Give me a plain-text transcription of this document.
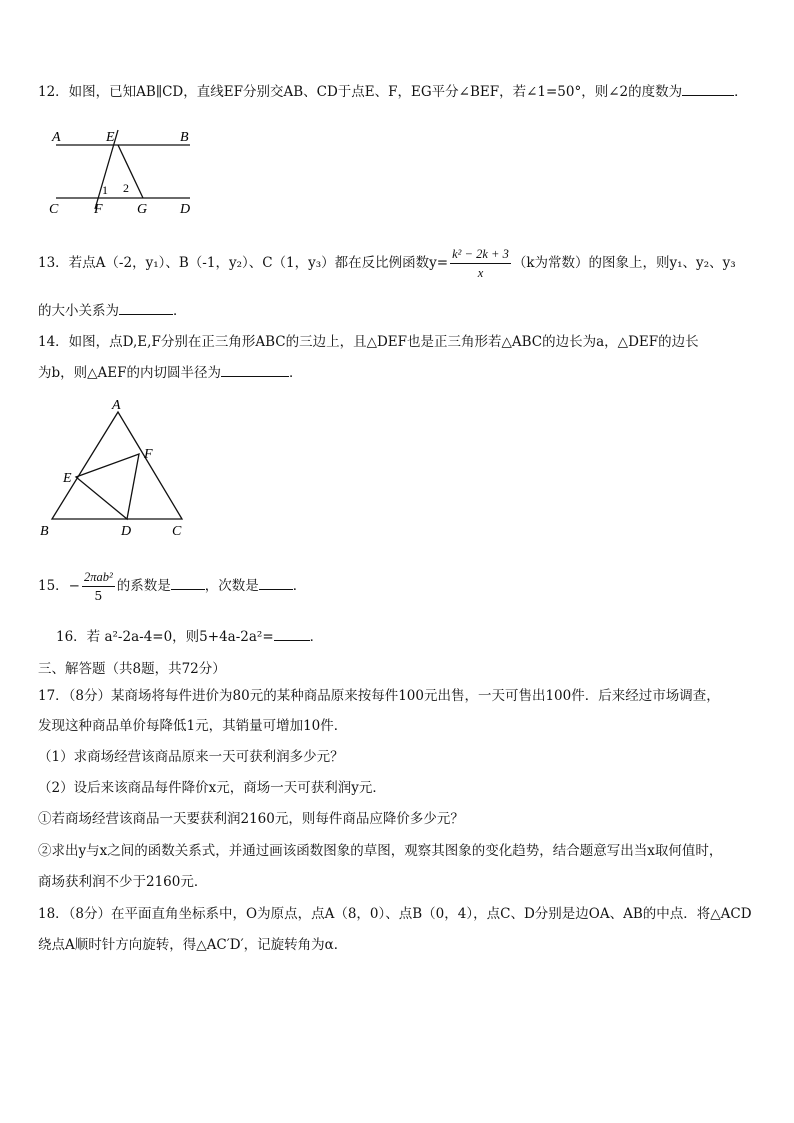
12．如图，已知AB∥CD，直线EF分别交AB、CD于点E、F，EG平分∠BEF，若∠1=50°，则∠2的度数为	．
A	E	B
C	F G D
1 2
13．若点A（-2，y₁）、B（-1，y₂）、C（1，y₃）都在反比例函数$y= \frac{\text{k² − 2k + 3}}{x} (k$为常数）的图象上，则y₁、y₂、y₃
的大小关系为	．
14．如图，点D,E,F分别在正三角形ABC的三边上，且△DEF也是正三角形若△ABC的边长为a，△DEF的边长
为b，则△AEF的内切圆半径为	．
A
B	C
D
E
F
15．− $\frac{\text{2πab²}}{5}$ 的系数是	，次数是	．
16．若 a²-2a-4=0，则5+4a-2a²=	．
三、解答题（共8题，共72分）
17．（8分）某商场将每件进价为80元的某种商品原来按每件100元出售，一天可售出100件．后来经过市场调查，
发现这种商品单价每降低1元，其销量可增加10件．
（1）求商场经营该商品原来一天可获利润多少元？
（2）设后来该商品每件降价x元，商场一天可获利润y元．
①若商场经营该商品一天要获利润2160元，则每件商品应降价多少元？
②求出y与x之间的函数关系式，并通过画该函数图象的草图，观察其图象的变化趋势，结合题意写出当x取何值时，
商场获利润不少于2160元．
18．（8分）在平面直角坐标系中，O为原点，点A（8，0）、点B（0，4），点C、D分别是边OA、AB的中点．将△ACD
绕点A顺时针方向旋转，得△AC′D′，记旋转角为α．
